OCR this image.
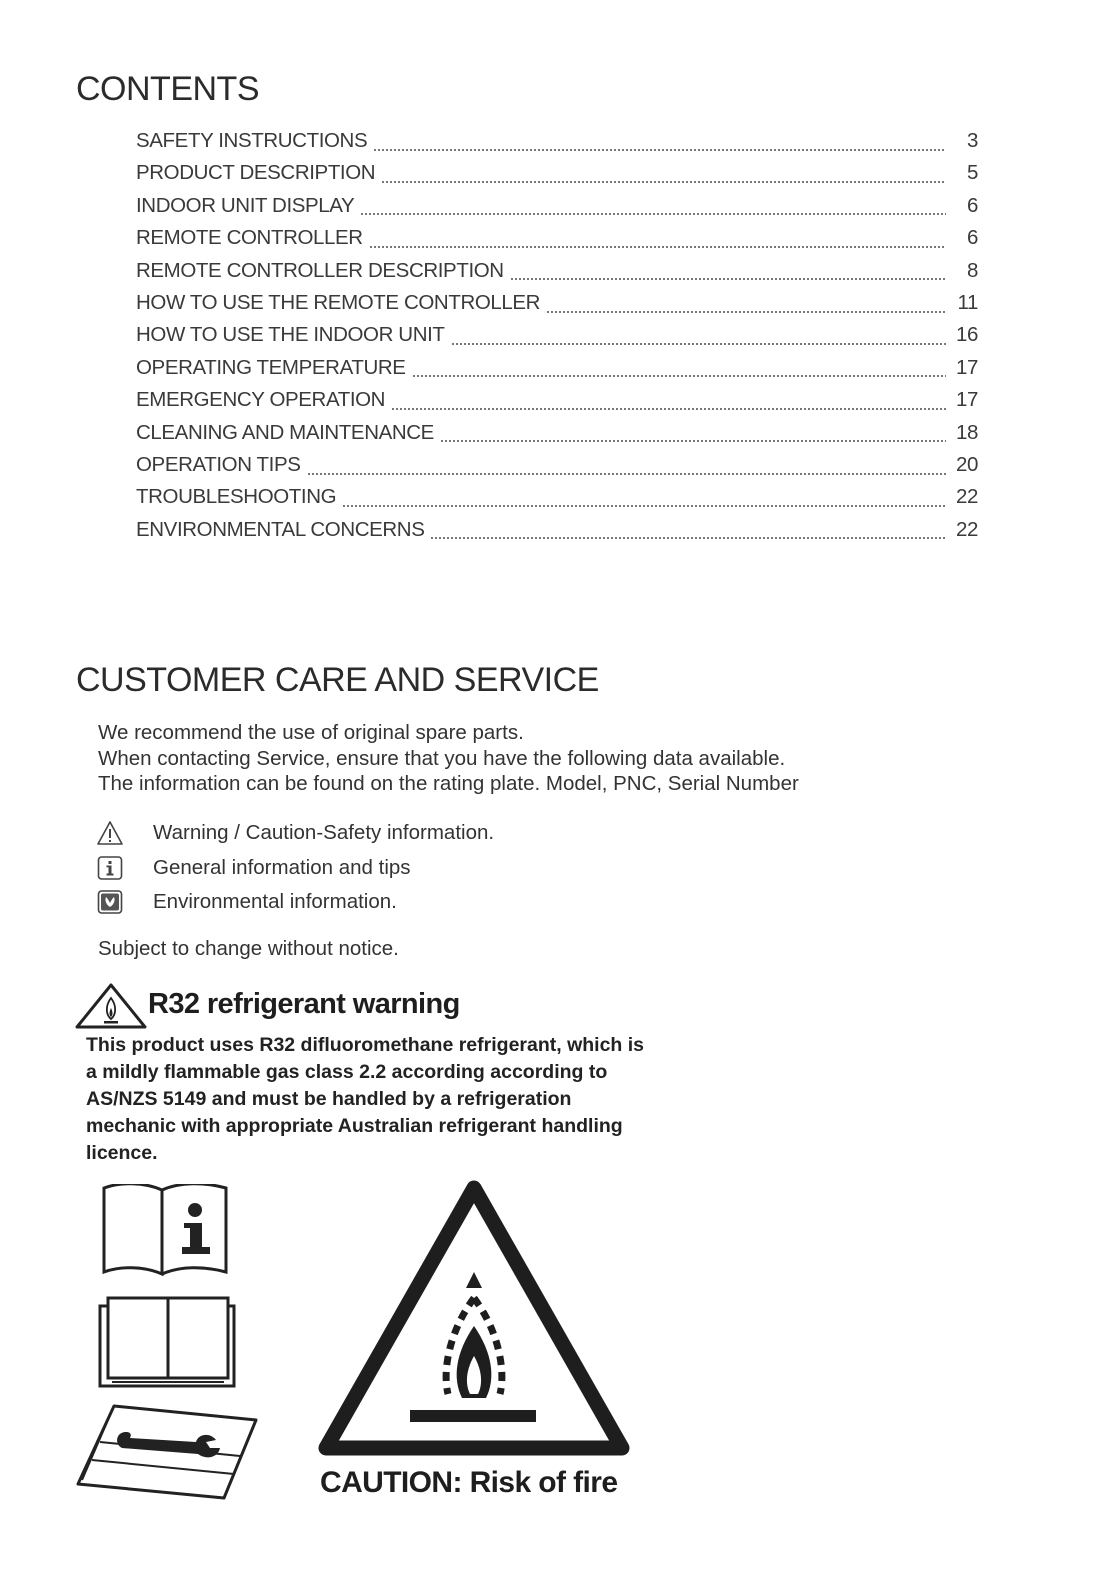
CONTENTS
SAFETY INSTRUCTIONS	3
PRODUCT DESCRIPTION	5
INDOOR UNIT DISPLAY	6
REMOTE CONTROLLER	6
REMOTE CONTROLLER DESCRIPTION	8
HOW TO USE THE REMOTE CONTROLLER	11
HOW TO USE THE INDOOR UNIT	16
OPERATING TEMPERATURE	17
EMERGENCY OPERATION	17
CLEANING AND MAINTENANCE	18
OPERATION TIPS	20
TROUBLESHOOTING	22
ENVIRONMENTAL CONCERNS	22
CUSTOMER CARE AND SERVICE
We recommend the use of original spare parts.
When contacting Service, ensure that you have the following data available.
The information can be found on the rating plate. Model, PNC, Serial Number
Warning / Caution-Safety information.
General information and tips
Environmental information.
Subject to change without notice.
R32 refrigerant warning
This product uses R32 difluoromethane refrigerant, which is
a mildly flammable gas class 2.2 according according to
AS/NZS 5149 and must be handled by a refrigeration
mechanic with appropriate Australian refrigerant handling
licence.
CAUTION: Risk of fire
